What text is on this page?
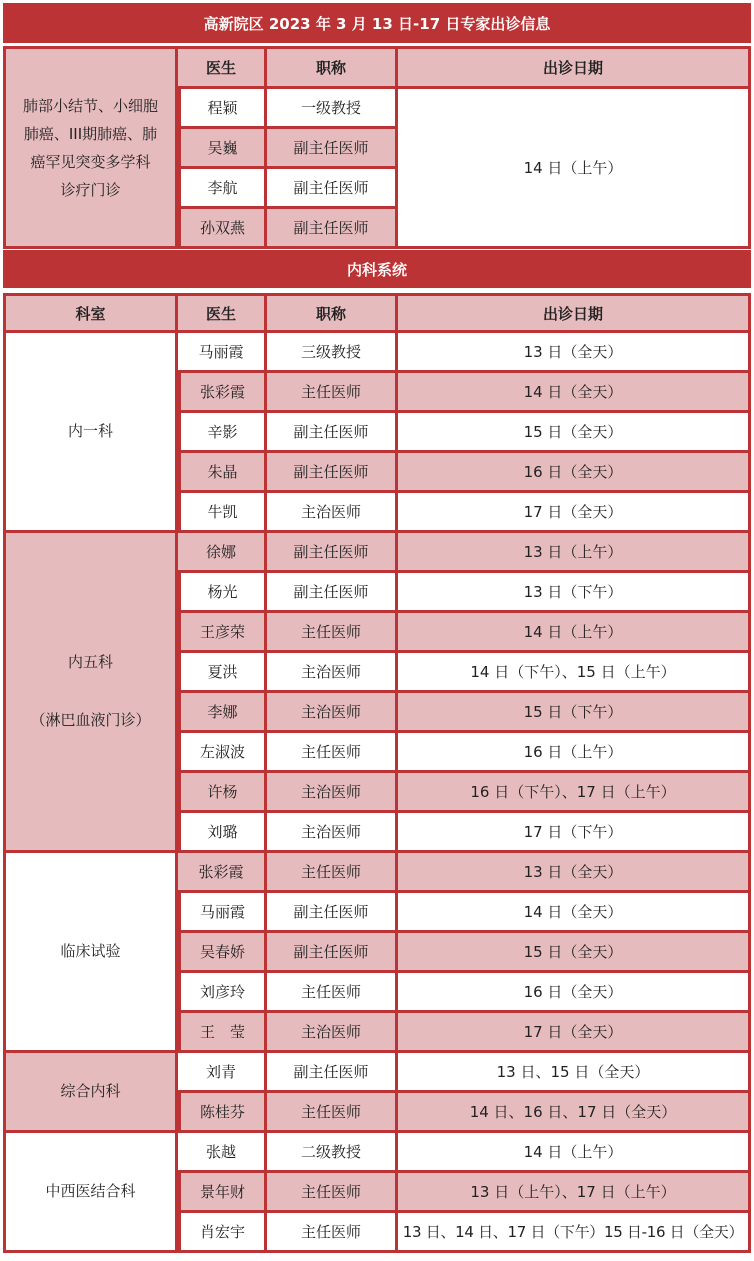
高新院区 2023 年 3 月 13 日-17 日专家出诊信息
肺部小结节、小细胞
肺癌、III期肺癌、肺
癌罕见突变多学科
诊疗门诊	医生	职称	出诊日期
	程颖	一级教授	14 日（上午）
	吴巍	副主任医师	
	李航	副主任医师	
	孙双燕	副主任医师	
内科系统
科室	医生	职称	出诊日期
内一科	马丽霞	三级教授	13 日（全天）
	张彩霞	主任医师	14 日（全天）
	辛影	副主任医师	15 日（全天）
	朱晶	副主任医师	16 日（全天）
	牛凯	主治医师	17 日（全天）
内五科

（淋巴血液门诊）	徐娜	副主任医师	13 日（上午）
	杨光	副主任医师	13 日（下午）
	王彦荣	主任医师	14 日（上午）
	夏洪	主治医师	14 日（下午）、15 日（上午）
	李娜	主治医师	15 日（下午）
	左淑波	主任医师	16 日（上午）
	许杨	主治医师	16 日（下午）、17 日（上午）
	刘璐	主治医师	17 日（下午）
临床试验	张彩霞	主任医师	13 日（全天）
	马丽霞	副主任医师	14 日（全天）
	吴春娇	副主任医师	15 日（全天）
	刘彦玲	主任医师	16 日（全天）
	王　莹	主治医师	17 日（全天）
综合内科	刘青	副主任医师	13 日、15 日（全天）
	陈桂芬	主任医师	14 日、16 日、17 日（全天）
中西医结合科	张越	二级教授	14 日（上午）
	景年财	主任医师	13 日（上午）、17 日（上午）
	肖宏宇	主任医师	13 日、14 日、17 日（下午）15 日-16 日（全天）
